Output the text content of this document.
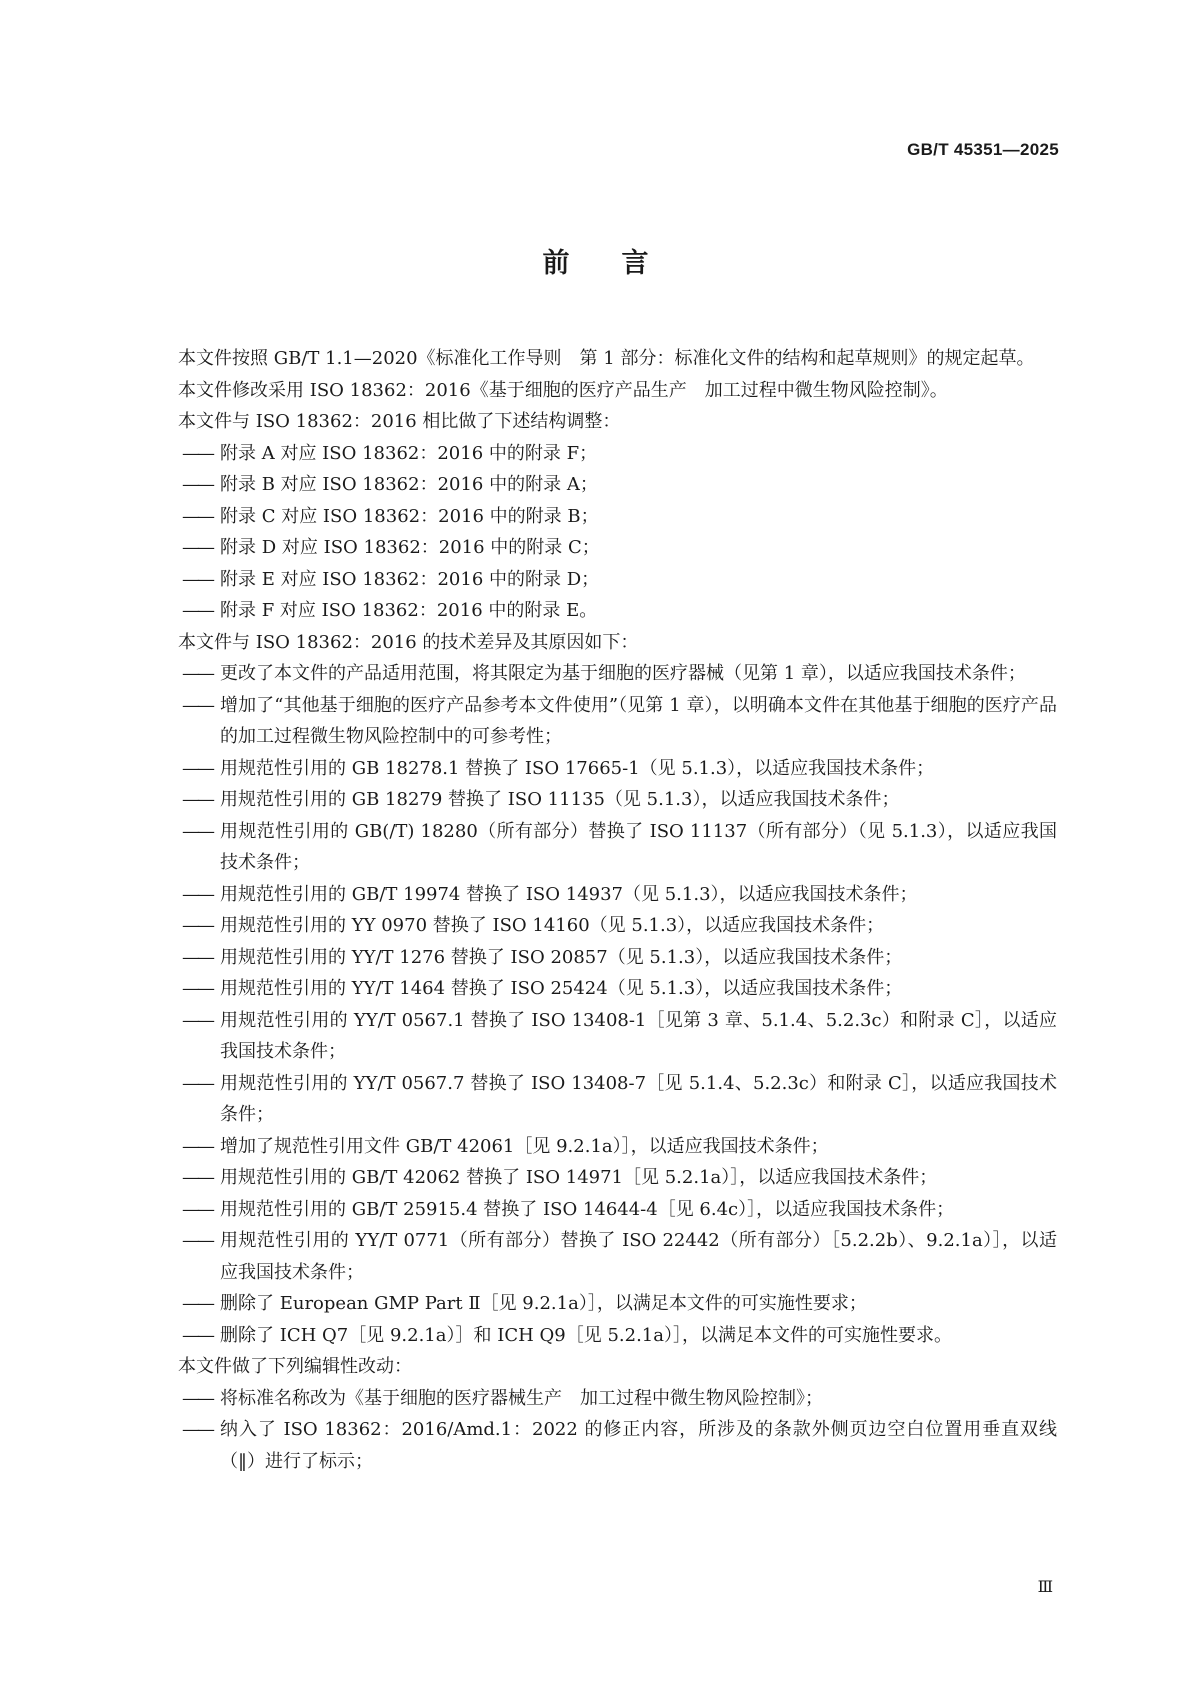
GB/T 45351—2025
前言

本文件按照 GB/T 1.1—2020《标准化工作导则　第 1 部分：标准化文件的结构和起草规则》的规定起草。

本文件修改采用 ISO 18362：2016《基于细胞的医疗产品生产　加工过程中微生物风险控制》。

本文件与 ISO 18362：2016 相比做了下述结构调整：

—— 附录 A 对应 ISO 18362：2016 中的附录 F；

—— 附录 B 对应 ISO 18362：2016 中的附录 A；

—— 附录 C 对应 ISO 18362：2016 中的附录 B；

—— 附录 D 对应 ISO 18362：2016 中的附录 C；

—— 附录 E 对应 ISO 18362：2016 中的附录 D；

—— 附录 F 对应 ISO 18362：2016 中的附录 E。

本文件与 ISO 18362：2016 的技术差异及其原因如下：

—— 更改了本文件的产品适用范围，将其限定为基于细胞的医疗器械（见第 1 章），以适应我国技术条件；

—— 增加了“其他基于细胞的医疗产品参考本文件使用”（见第 1 章），以明确本文件在其他基于细胞的医疗产品的加工过程微生物风险控制中的可参考性；

—— 用规范性引用的 GB 18278.1 替换了 ISO 17665-1（见 5.1.3），以适应我国技术条件；

—— 用规范性引用的 GB 18279 替换了 ISO 11135（见 5.1.3），以适应我国技术条件；

—— 用规范性引用的 GB(/T) 18280（所有部分）替换了 ISO 11137（所有部分）（见 5.1.3），以适应我国技术条件；

—— 用规范性引用的 GB/T 19974 替换了 ISO 14937（见 5.1.3），以适应我国技术条件；

—— 用规范性引用的 YY 0970 替换了 ISO 14160（见 5.1.3），以适应我国技术条件；

—— 用规范性引用的 YY/T 1276 替换了 ISO 20857（见 5.1.3），以适应我国技术条件；

—— 用规范性引用的 YY/T 1464 替换了 ISO 25424（见 5.1.3），以适应我国技术条件；

—— 用规范性引用的 YY/T 0567.1 替换了 ISO 13408-1［见第 3 章、5.1.4、5.2.3c）和附录 C］，以适应我国技术条件；

—— 用规范性引用的 YY/T 0567.7 替换了 ISO 13408-7［见 5.1.4、5.2.3c）和附录 C］，以适应我国技术条件；

—— 增加了规范性引用文件 GB/T 42061［见 9.2.1a）］，以适应我国技术条件；

—— 用规范性引用的 GB/T 42062 替换了 ISO 14971［见 5.2.1a）］，以适应我国技术条件；

—— 用规范性引用的 GB/T 25915.4 替换了 ISO 14644-4［见 6.4c）］，以适应我国技术条件；

—— 用规范性引用的 YY/T 0771（所有部分）替换了 ISO 22442（所有部分）［5.2.2b）、9.2.1a）］，以适应我国技术条件；

—— 删除了 European GMP Part Ⅱ［见 9.2.1a）］，以满足本文件的可实施性要求；

—— 删除了 ICH Q7［见 9.2.1a）］和 ICH Q9［见 5.2.1a）］，以满足本文件的可实施性要求。

本文件做了下列编辑性改动：

—— 将标准名称改为《基于细胞的医疗器械生产　加工过程中微生物风险控制》；

—— 纳入了 ISO 18362：2016/Amd.1：2022 的修正内容，所涉及的条款外侧页边空白位置用垂直双线（‖）进行了标示；

Ⅲ
